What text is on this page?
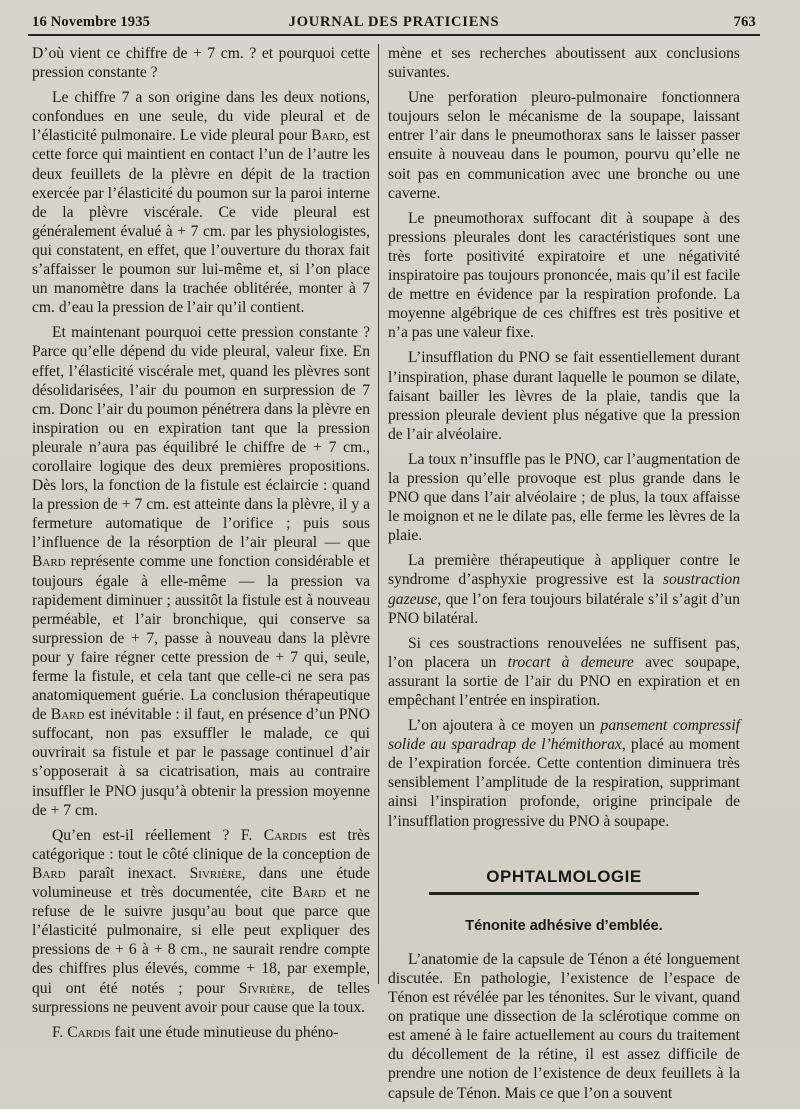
16 Novembre 1935	JOURNAL DES PRATICIENS	763

D’où vient ce chiffre de + 7 cm. ? et pourquoi cette pression constante ?

Le chiffre 7 a son origine dans les deux notions, confondues en une seule, du vide pleural et de l’élasticité pulmonaire. Le vide pleural pour Bard, est cette force qui maintient en contact l’un de l’autre les deux feuillets de la plèvre en dépit de la traction exercée par l’élasticité du poumon sur la paroi interne de la plèvre viscérale. Ce vide pleural est généralement évalué à + 7 cm. par les physiologistes, qui constatent, en effet, que l’ouverture du thorax fait s’affaisser le poumon sur lui-même et, si l’on place un manomètre dans la trachée oblitérée, monter à 7 cm. d’eau la pression de l’air qu’il contient.

Et maintenant pourquoi cette pression constante ? Parce qu’elle dépend du vide pleural, valeur fixe. En effet, l’élasticité viscérale met, quand les plèvres sont désolidarisées, l’air du poumon en surpression de 7 cm. Donc l’air du poumon pénétrera dans la plèvre en inspiration ou en expiration tant que la pression pleurale n’aura pas équilibré le chiffre de + 7 cm., corollaire logique des deux premières propositions. Dès lors, la fonction de la fistule est éclaircie : quand la pression de + 7 cm. est atteinte dans la plèvre, il y a fermeture automatique de l’orifice ; puis sous l’influence de la résorption de l’air pleural — que Bard représente comme une fonction considérable et toujours égale à elle-même — la pression va rapidement diminuer ; aussitôt la fistule est à nouveau perméable, et l’air bronchique, qui conserve sa surpression de + 7, passe à nouveau dans la plèvre pour y faire régner cette pression de + 7 qui, seule, ferme la fistule, et cela tant que celle-ci ne sera pas anatomiquement guérie. La conclusion thérapeutique de Bard est inévitable : il faut, en présence d’un PNO suffocant, non pas exsuffler le malade, ce qui ouvrirait sa fistule et par le passage continuel d’air s’opposerait à sa cicatrisation, mais au contraire insuffler le PNO jusqu’à obtenir la pression moyenne de + 7 cm.

Qu’en est-il réellement ? F. Cardis est très catégorique : tout le côté clinique de la conception de Bard paraît inexact. Sivrière, dans une étude volumineuse et très documentée, cite Bard et ne refuse de le suivre jusqu’au bout que parce que l’élasticité pulmonaire, si elle peut expliquer des pressions de + 6 à + 8 cm., ne saurait rendre compte des chiffres plus élevés, comme + 18, par exemple, qui ont été notés ; pour Sivrière, de telles surpressions ne peuvent avoir pour cause que la toux.

F. Cardis fait une étude minutieuse du phéno-

mène et ses recherches aboutissent aux conclusions suivantes.

Une perforation pleuro-pulmonaire fonctionnera toujours selon le mécanisme de la soupape, laissant entrer l’air dans le pneumothorax sans le laisser passer ensuite à nouveau dans le poumon, pourvu qu’elle ne soit pas en communication avec une bronche ou une caverne.

Le pneumothorax suffocant dit à soupape à des pressions pleurales dont les caractéristiques sont une très forte positivité expiratoire et une négativité inspiratoire pas toujours prononcée, mais qu’il est facile de mettre en évidence par la respiration profonde. La moyenne algébrique de ces chiffres est très positive et n’a pas une valeur fixe.

L’insufflation du PNO se fait essentiellement durant l’inspiration, phase durant laquelle le poumon se dilate, faisant bailler les lèvres de la plaie, tandis que la pression pleurale devient plus négative que la pression de l’air alvéolaire.

La toux n’insuffle pas le PNO, car l’augmentation de la pression qu’elle provoque est plus grande dans le PNO que dans l’air alvéolaire ; de plus, la toux affaisse le moignon et ne le dilate pas, elle ferme les lèvres de la plaie.

La première thérapeutique à appliquer contre le syndrome d’asphyxie progressive est la soustraction gazeuse, que l’on fera toujours bilatérale s’il s’agit d’un PNO bilatéral.

Si ces soustractions renouvelées ne suffisent pas, l’on placera un trocart à demeure avec soupape, assurant la sortie de l’air du PNO en expiration et en empêchant l’entrée en inspiration.

L’on ajoutera à ce moyen un pansement compressif solide au sparadrap de l’hémithorax, placé au moment de l’expiration forcée. Cette contention diminuera très sensiblement l’amplitude de la respiration, supprimant ainsi l’inspiration profonde, origine principale de l’insufflation progressive du PNO à soupape.

OPHTALMOLOGIE
Ténonite adhésive d’emblée.

L’anatomie de la capsule de Ténon a été longuement discutée. En pathologie, l’existence de l’espace de Ténon est révélée par les ténonites. Sur le vivant, quand on pratique une dissection de la sclérotique comme on est amené à le faire actuellement au cours du traitement du décollement de la rétine, il est assez difficile de prendre une notion de l’existence de deux feuillets à la capsule de Ténon. Mais ce que l’on a souvent
